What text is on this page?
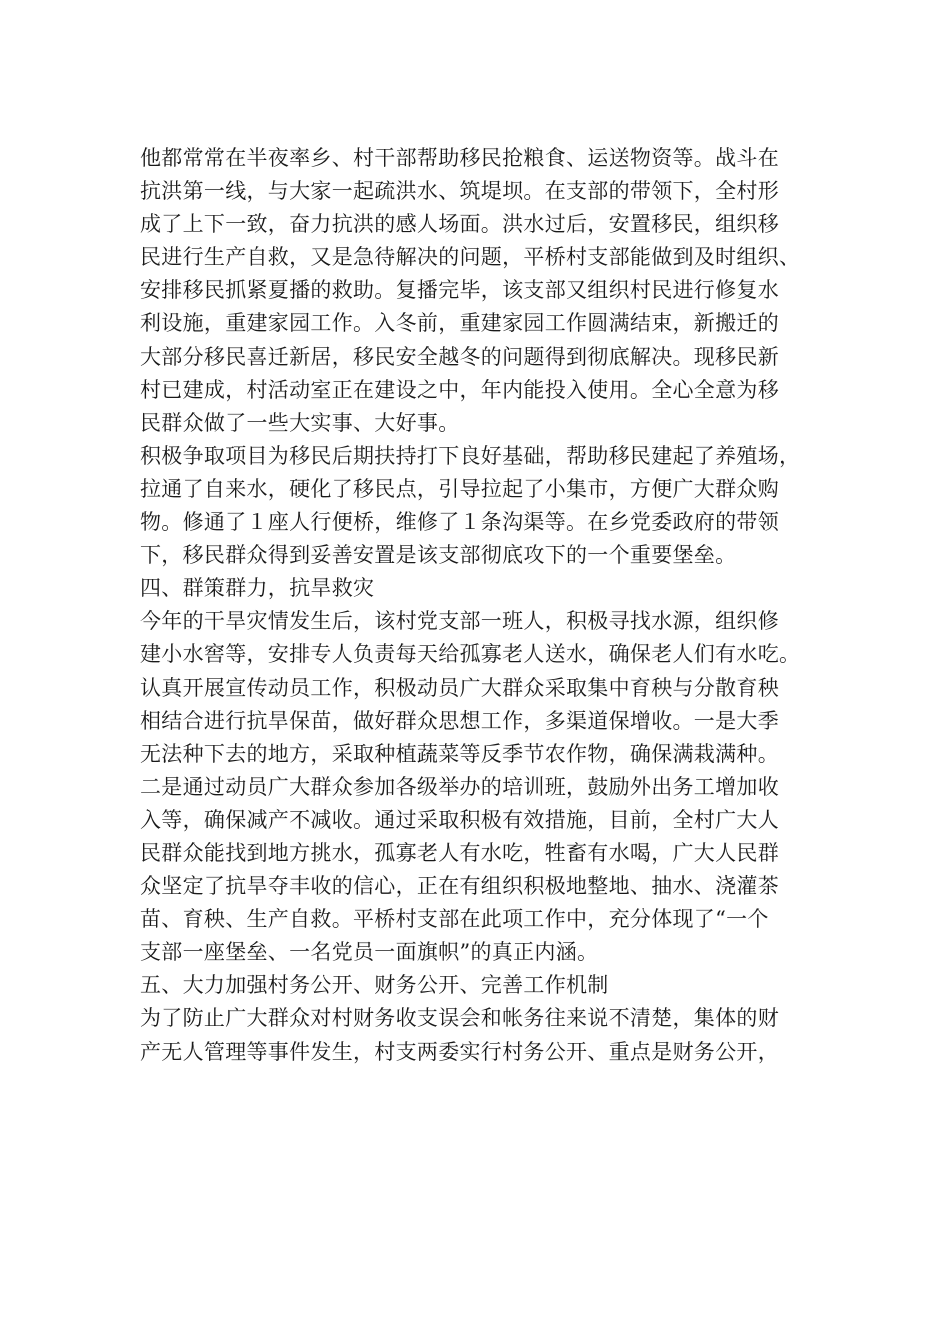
他都常常在半夜率乡、村干部帮助移民抢粮食、运送物资等。战斗在
抗洪第一线，与大家一起疏洪水、筑堤坝。在支部的带领下，全村形
成了上下一致，奋力抗洪的感人场面。洪水过后，安置移民，组织移
民进行生产自救，又是急待解决的问题，平桥村支部能做到及时组织、
安排移民抓紧夏播的救助。复播完毕，该支部又组织村民进行修复水
利设施，重建家园工作。入冬前，重建家园工作圆满结束，新搬迁的
大部分移民喜迁新居，移民安全越冬的问题得到彻底解决。现移民新
村已建成，村活动室正在建设之中，年内能投入使用。全心全意为移
民群众做了一些大实事、大好事。
积极争取项目为移民后期扶持打下良好基础，帮助移民建起了养殖场，
拉通了自来水，硬化了移民点，引导拉起了小集市，方便广大群众购
物。修通了１座人行便桥，维修了１条沟渠等。在乡党委政府的带领
下，移民群众得到妥善安置是该支部彻底攻下的一个重要堡垒。
四、群策群力，抗旱救灾
今年的干旱灾情发生后，该村党支部一班人，积极寻找水源，组织修
建小水窖等，安排专人负责每天给孤寡老人送水，确保老人们有水吃。
认真开展宣传动员工作，积极动员广大群众采取集中育秧与分散育秧
相结合进行抗旱保苗，做好群众思想工作，多渠道保增收。一是大季
无法种下去的地方，采取种植蔬菜等反季节农作物，确保满栽满种。
二是通过动员广大群众参加各级举办的培训班，鼓励外出务工增加收
入等，确保减产不减收。通过采取积极有效措施，目前，全村广大人
民群众能找到地方挑水，孤寡老人有水吃，牲畜有水喝，广大人民群
众坚定了抗旱夺丰收的信心，正在有组织积极地整地、抽水、浇灌茶
苗、育秧、生产自救。平桥村支部在此项工作中，充分体现了“一个
支部一座堡垒、一名党员一面旗帜”的真正内涵。
五、大力加强村务公开、财务公开、完善工作机制
为了防止广大群众对村财务收支误会和帐务往来说不清楚，集体的财
产无人管理等事件发生，村支两委实行村务公开、重点是财务公开，
